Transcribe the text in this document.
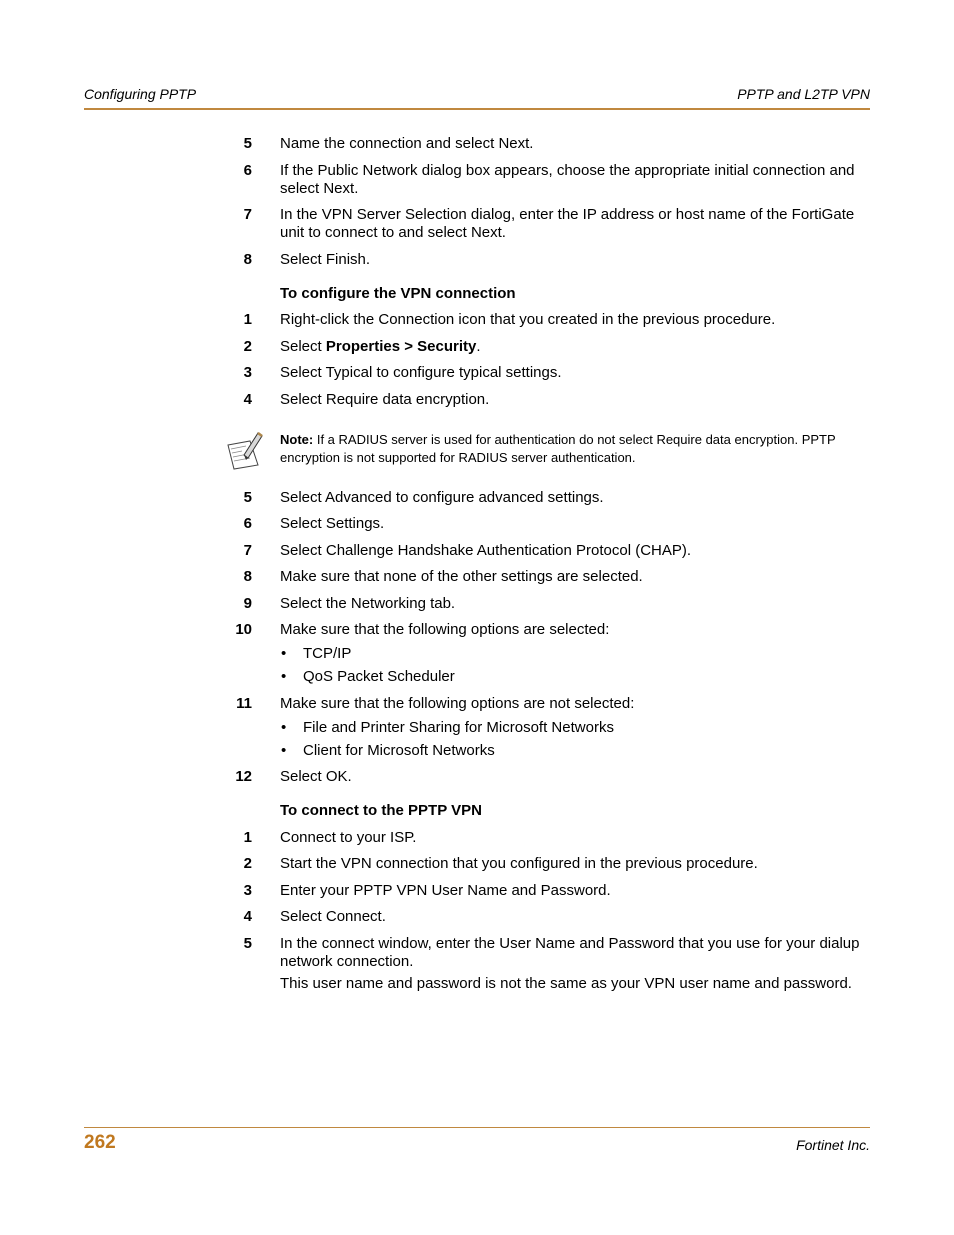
Configuring PPTP	PPTP and L2TP VPN
5 Name the connection and select Next.
6 If the Public Network dialog box appears, choose the appropriate initial connection and select Next.
7 In the VPN Server Selection dialog, enter the IP address or host name of the FortiGate unit to connect to and select Next.
8 Select Finish.
To configure the VPN connection
1 Right-click the Connection icon that you created in the previous procedure.
2 Select Properties > Security.
3 Select Typical to configure typical settings.
4 Select Require data encryption.
Note: If a RADIUS server is used for authentication do not select Require data encryption. PPTP encryption is not supported for RADIUS server authentication.
5 Select Advanced to configure advanced settings.
6 Select Settings.
7 Select Challenge Handshake Authentication Protocol (CHAP).
8 Make sure that none of the other settings are selected.
9 Select the Networking tab.
10 Make sure that the following options are selected:
• TCP/IP
• QoS Packet Scheduler
11 Make sure that the following options are not selected:
• File and Printer Sharing for Microsoft Networks
• Client for Microsoft Networks
12 Select OK.
To connect to the PPTP VPN
1 Connect to your ISP.
2 Start the VPN connection that you configured in the previous procedure.
3 Enter your PPTP VPN User Name and Password.
4 Select Connect.
5 In the connect window, enter the User Name and Password that you use for your dialup network connection.
This user name and password is not the same as your VPN user name and password.
262	Fortinet Inc.
